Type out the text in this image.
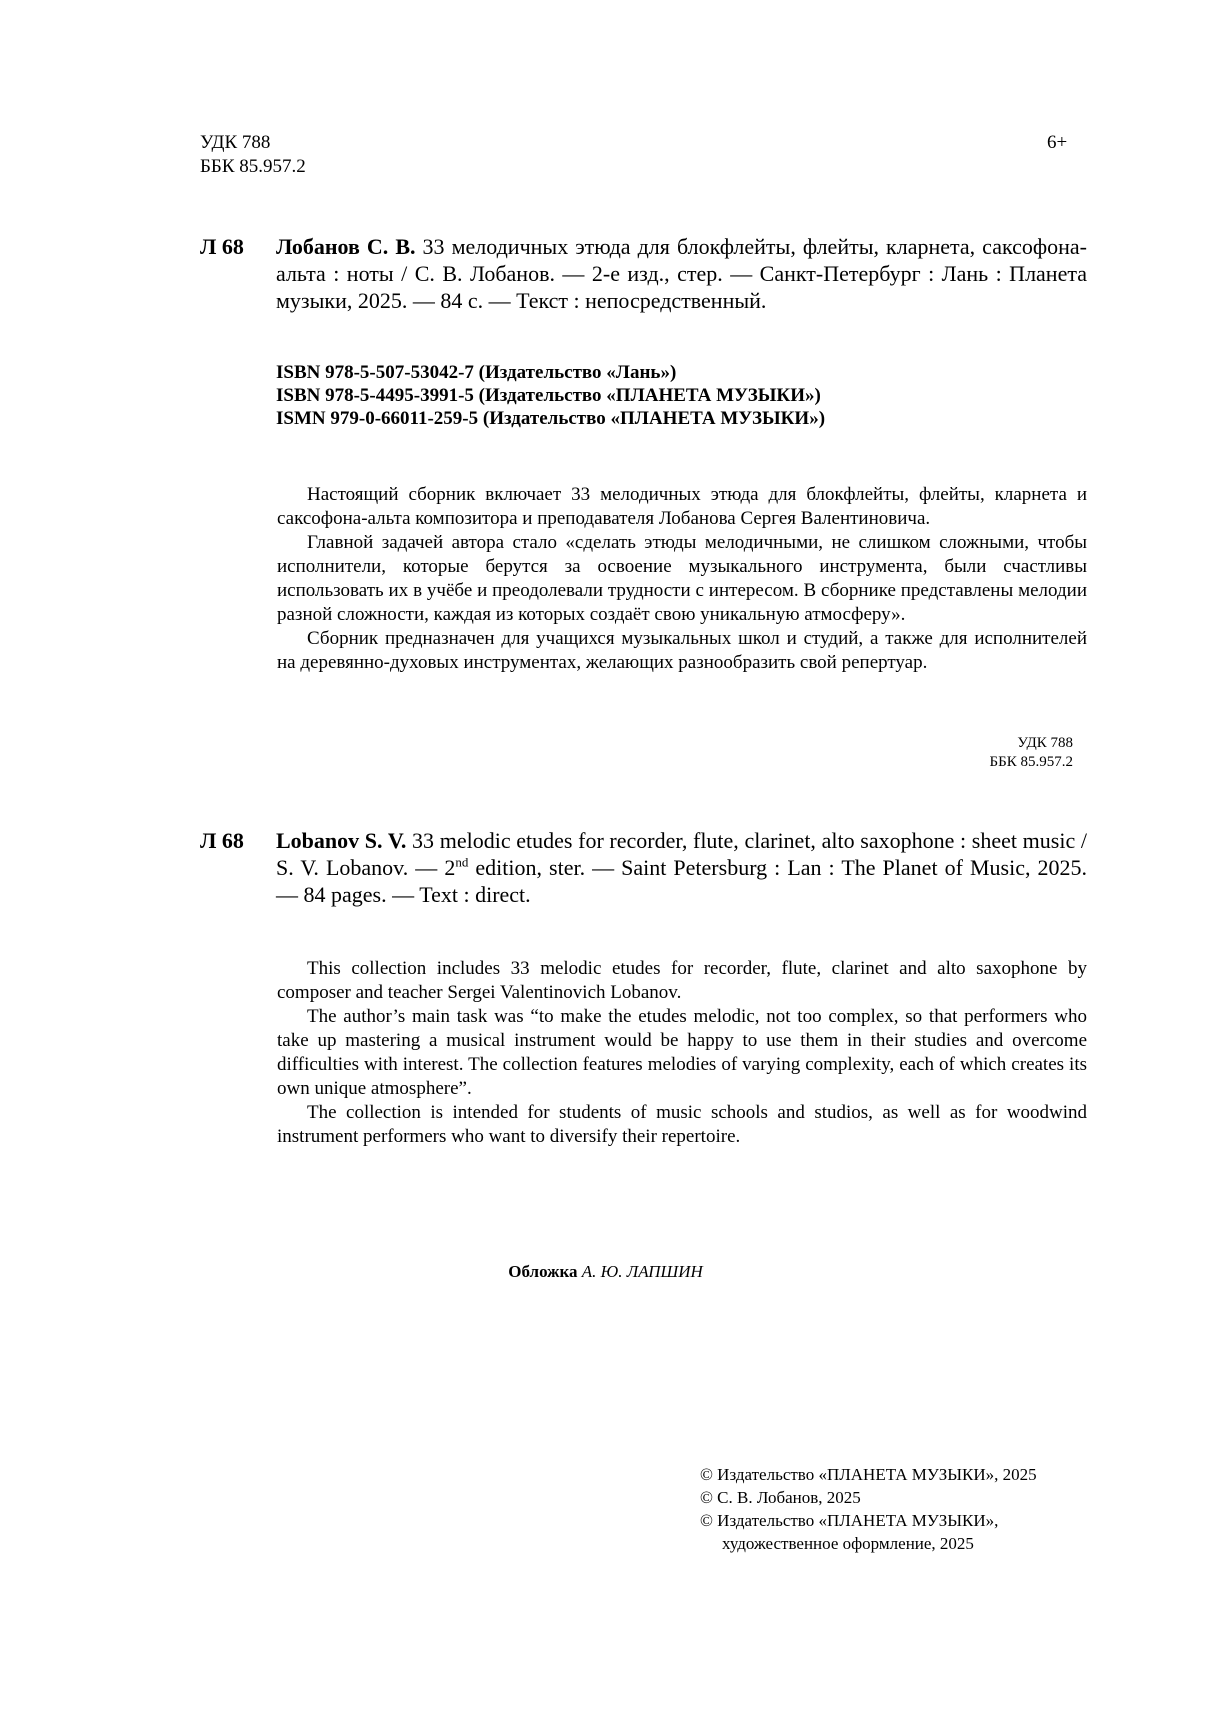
УДК 788
ББК 85.957.2
6+
Л 68 Лобанов С. В. 33 мелодичных этюда для блокфлейты, флейты, кларнета, саксофона-альта : ноты / С. В. Лобанов. — 2-е изд., стер. — Санкт-Петербург : Лань : Планета музыки, 2025. — 84 с. — Текст : непосредственный.
ISBN 978-5-507-53042-7 (Издательство «Лань»)
ISBN 978-5-4495-3991-5 (Издательство «ПЛАНЕТА МУЗЫКИ»)
ISMN 979-0-66011-259-5 (Издательство «ПЛАНЕТА МУЗЫКИ»)

Настоящий сборник включает 33 мелодичных этюда для блокфлейты, флейты, кларнета и саксофона-альта композитора и преподавателя Лобанова Сергея Валентиновича.

Главной задачей автора стало «сделать этюды мелодичными, не слишком сложными, чтобы исполнители, которые берутся за освоение музыкального инструмента, были счастливы использовать их в учёбе и преодолевали трудности с интересом. В сборнике представлены мелодии разной сложности, каждая из которых создаёт свою уникальную атмосферу».

Сборник предназначен для учащихся музыкальных школ и студий, а также для исполнителей на деревянно-духовых инструментах, желающих разнообразить свой репертуар.

УДК 788
ББК 85.957.2
Л 68 Lobanov S. V. 33 melodic etudes for recorder, flute, clarinet, alto saxophone : sheet music / S. V. Lobanov. — 2nd edition, ster. — Saint Petersburg : Lan : The Planet of Music, 2025. — 84 pages. — Text : direct.

This collection includes 33 melodic etudes for recorder, flute, clarinet and alto saxophone by composer and teacher Sergei Valentinovich Lobanov.

The author’s main task was “to make the etudes melodic, not too complex, so that performers who take up mastering a musical instrument would be happy to use them in their studies and overcome difficulties with interest. The collection features melodies of varying complexity, each of which creates its own unique atmosphere”.

The collection is intended for students of music schools and studios, as well as for woodwind instrument performers who want to diversify their repertoire.

Обложка А. Ю. ЛАПШИН
© Издательство «ПЛАНЕТА МУЗЫКИ», 2025
© С. В. Лобанов, 2025
© Издательство «ПЛАНЕТА МУЗЫКИ»,
художественное оформление, 2025
